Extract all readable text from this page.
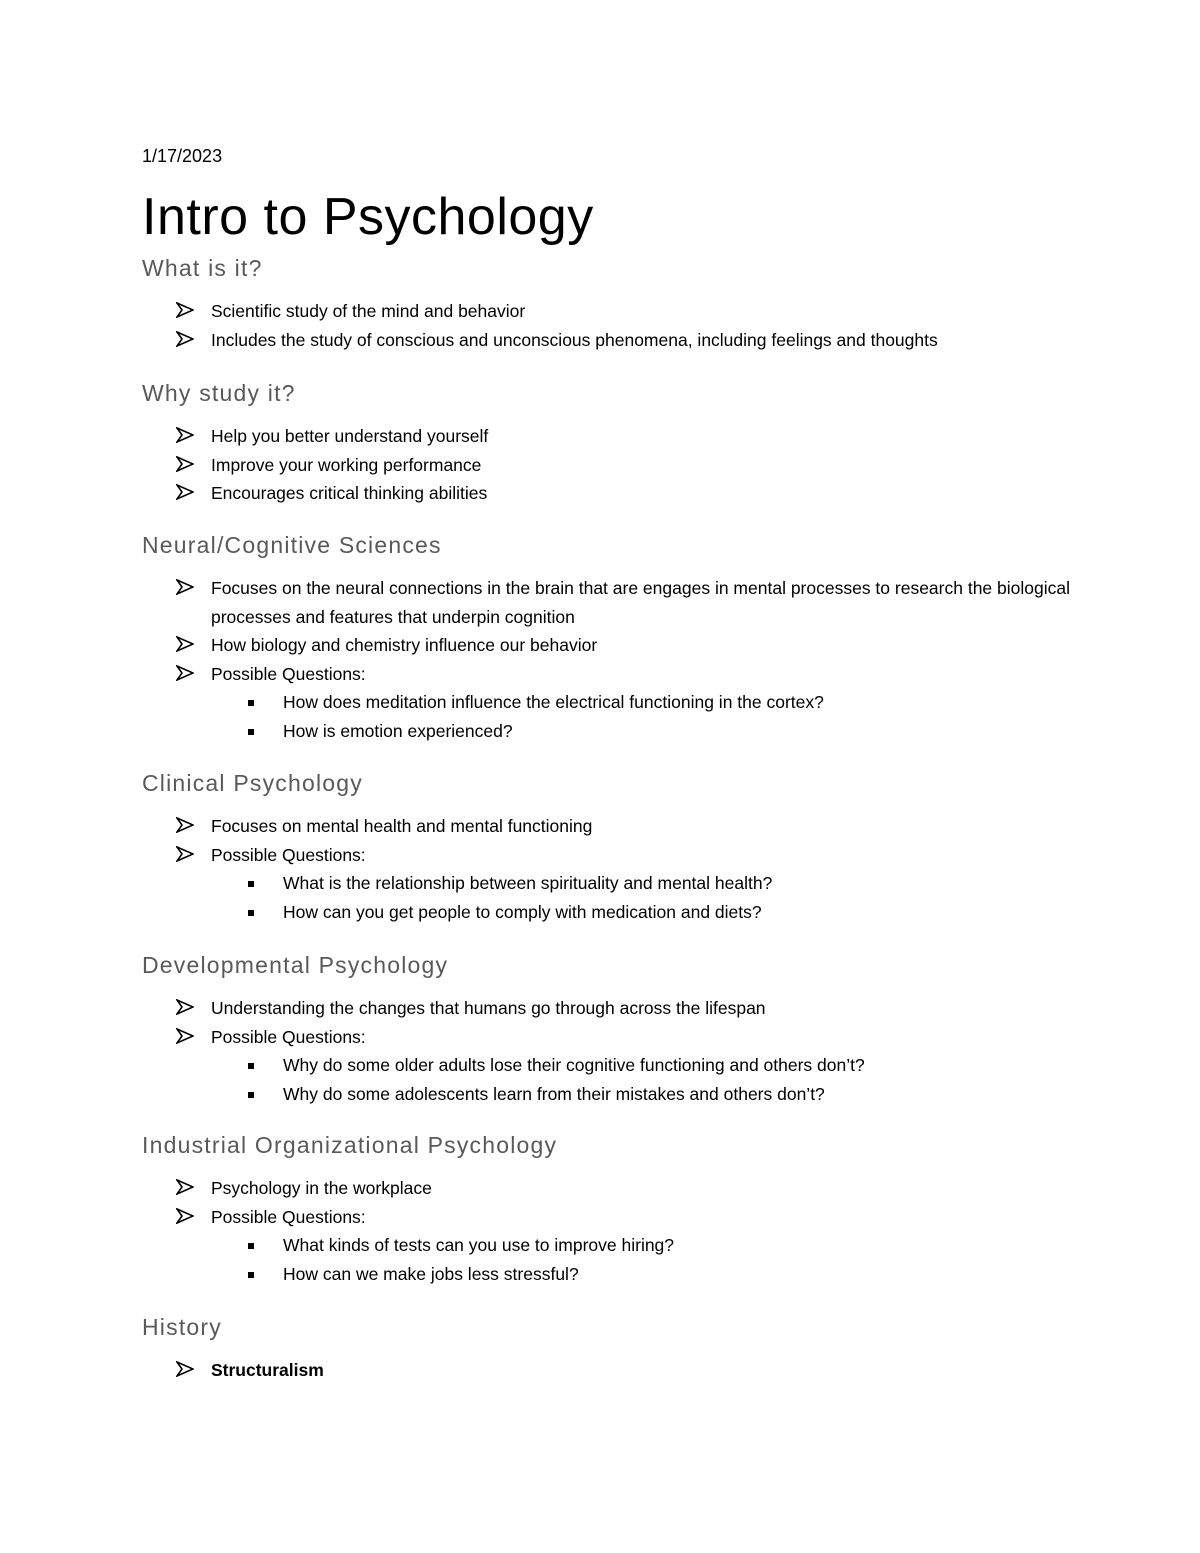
1/17/2023
Intro to Psychology
What is it?
Scientific study of the mind and behavior
Includes the study of conscious and unconscious phenomena, including feelings and thoughts
Why study it?
Help you better understand yourself
Improve your working performance
Encourages critical thinking abilities
Neural/Cognitive Sciences
Focuses on the neural connections in the brain that are engages in mental processes to research the biological processes and features that underpin cognition
How biology and chemistry influence our behavior
Possible Questions:
How does meditation influence the electrical functioning in the cortex?
How is emotion experienced?
Clinical Psychology
Focuses on mental health and mental functioning
Possible Questions:
What is the relationship between spirituality and mental health?
How can you get people to comply with medication and diets?
Developmental Psychology
Understanding the changes that humans go through across the lifespan
Possible Questions:
Why do some older adults lose their cognitive functioning and others don’t?
Why do some adolescents learn from their mistakes and others don’t?
Industrial Organizational Psychology
Psychology in the workplace
Possible Questions:
What kinds of tests can you use to improve hiring?
How can we make jobs less stressful?
History
Structuralism
